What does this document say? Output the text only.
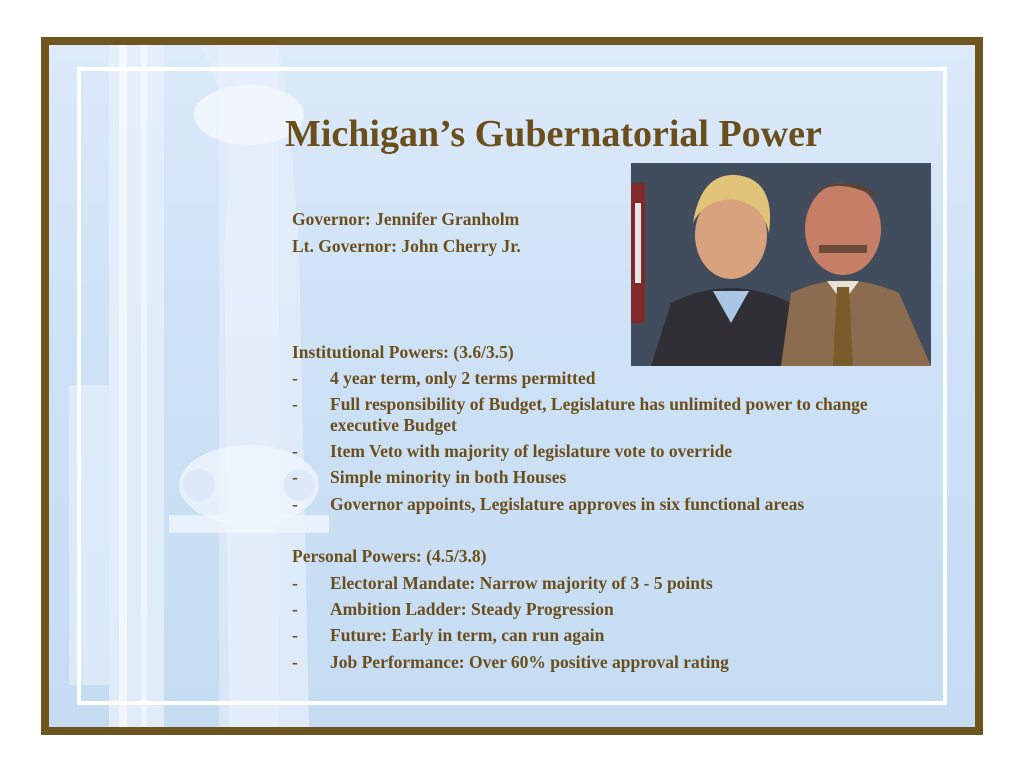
Michigan’s Gubernatorial Power
Governor: Jennifer Granholm
Lt. Governor: John Cherry Jr.
Institutional Powers: (3.6/3.5)
- 4 year term, only 2 terms permitted
- Full responsibility of Budget, Legislature has unlimited power to change executive Budget
- Item Veto with majority of legislature vote to override
- Simple minority in both Houses
- Governor appoints, Legislature approves in six functional areas
Personal Powers: (4.5/3.8)
- Electoral Mandate: Narrow majority of 3 - 5 points
- Ambition Ladder: Steady Progression
- Future: Early in term, can run again
- Job Performance: Over 60% positive approval rating
